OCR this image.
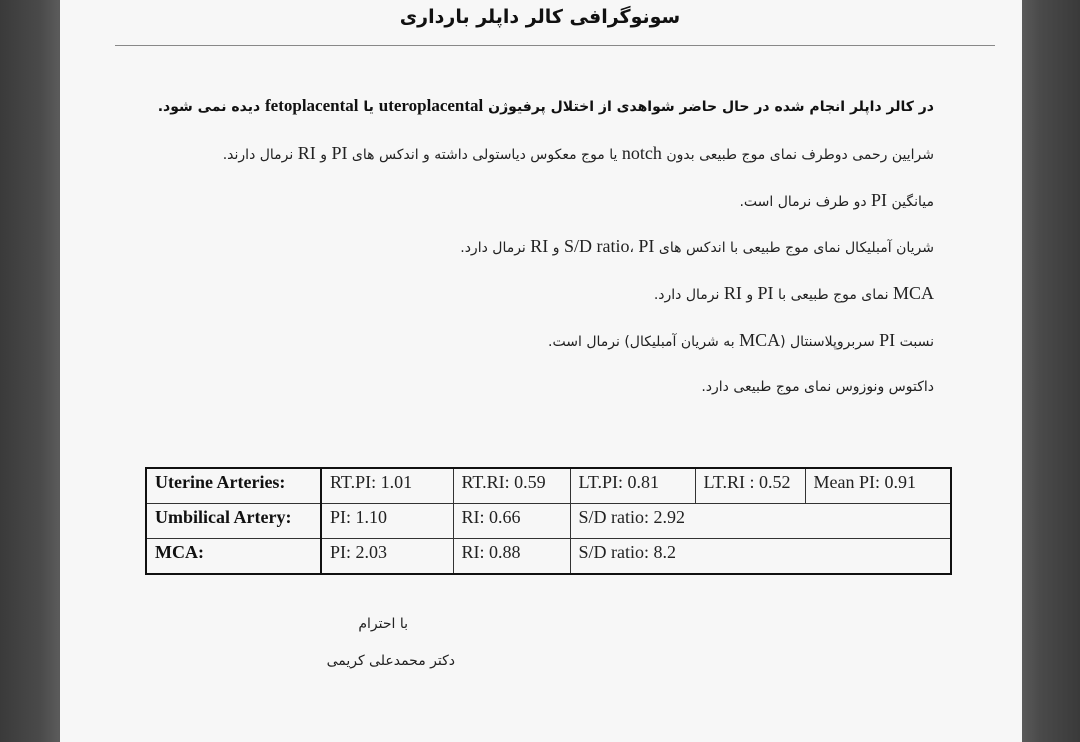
سونوگرافی کالر داپلر بارداری
در کالر داپلر انجام شده در حال حاضر شواهدی از اختلال پرفیوژن uteroplacental یا fetoplacental دیده نمی شود.
شرایین رحمی دوطرف نمای موج طبیعی بدون notch یا موج معکوس دیاستولی داشته و اندکس های PI و RI نرمال دارند.
میانگین PI دو طرف نرمال است.
شریان آمبلیکال نمای موج طبیعی با اندکس های S/D ratio، PI و RI نرمال دارد.
MCA نمای موج طبیعی با PI و RI نرمال دارد.
نسبت PI سربروپلاسنتال (MCA به شریان آمبلیکال) نرمال است.
داکتوس ونوزوس نمای موج طبیعی دارد.
Uterine Arteries:	RT.PI: 1.01	RT.RI: 0.59	LT.PI: 0.81	LT.RI : 0.52	Mean PI: 0.91
Umbilical Artery:	PI: 1.10	RI: 0.66	S/D ratio: 2.92		
MCA:	PI: 2.03	RI: 0.88	S/D ratio: 8.2		
با احترام
دکتر محمدعلی کریمی
